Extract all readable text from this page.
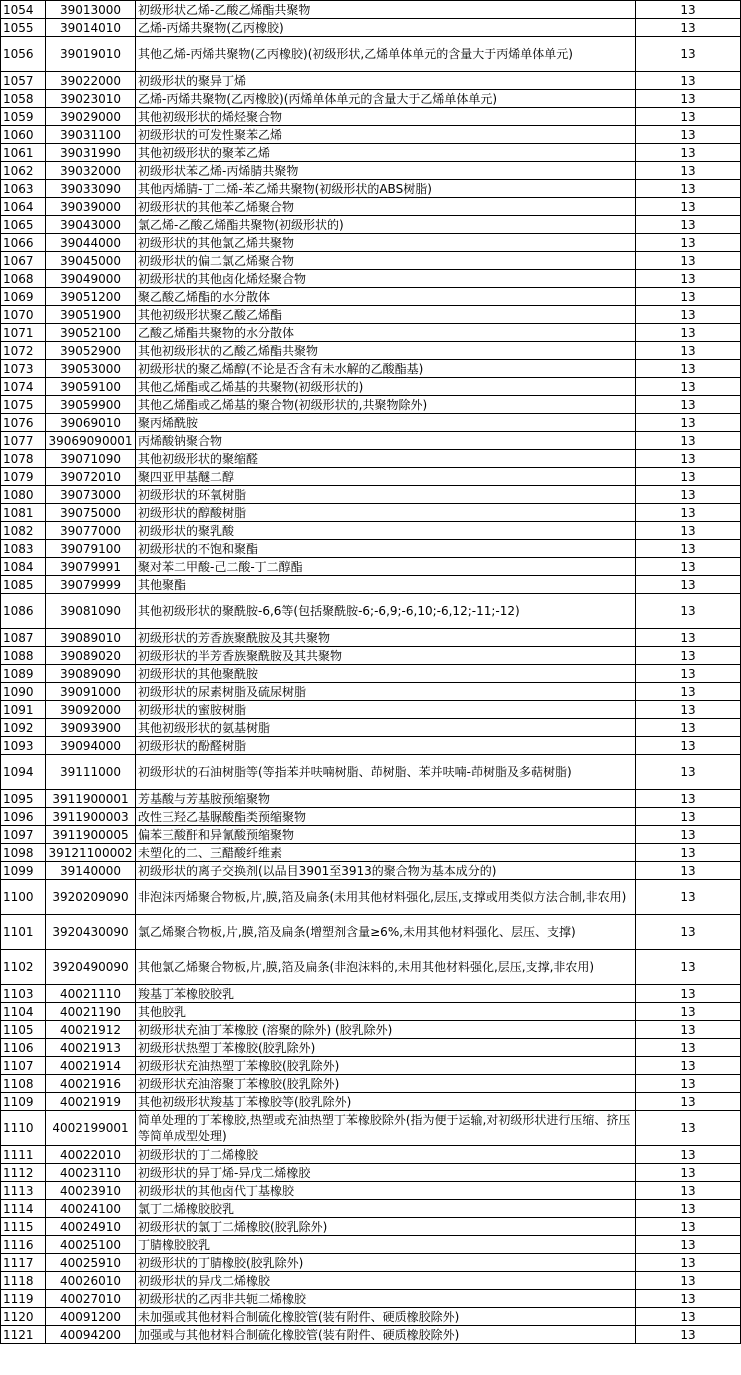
1054	39013000	初级形状乙烯-乙酸乙烯酯共聚物	13
1055	39014010	乙烯-丙烯共聚物(乙丙橡胶)	13
1056	39019010	其他乙烯-丙烯共聚物(乙丙橡胶)(初级形状,乙烯单体单元的含量大于丙烯单体单元)	13
1057	39022000	初级形状的聚异丁烯	13
1058	39023010	乙烯-丙烯共聚物(乙丙橡胶)(丙烯单体单元的含量大于乙烯单体单元)	13
1059	39029000	其他初级形状的烯烃聚合物	13
1060	39031100	初级形状的可发性聚苯乙烯	13
1061	39031990	其他初级形状的聚苯乙烯	13
1062	39032000	初级形状苯乙烯-丙烯腈共聚物	13
1063	39033090	其他丙烯腈-丁二烯-苯乙烯共聚物(初级形状的ABS树脂)	13
1064	39039000	初级形状的其他苯乙烯聚合物	13
1065	39043000	氯乙烯-乙酸乙烯酯共聚物(初级形状的)	13
1066	39044000	初级形状的其他氯乙烯共聚物	13
1067	39045000	初级形状的偏二氯乙烯聚合物	13
1068	39049000	初级形状的其他卤化烯烃聚合物	13
1069	39051200	聚乙酸乙烯酯的水分散体	13
1070	39051900	其他初级形状聚乙酸乙烯酯	13
1071	39052100	乙酸乙烯酯共聚物的水分散体	13
1072	39052900	其他初级形状的乙酸乙烯酯共聚物	13
1073	39053000	初级形状的聚乙烯醇(不论是否含有未水解的乙酸酯基)	13
1074	39059100	其他乙烯酯或乙烯基的共聚物(初级形状的)	13
1075	39059900	其他乙烯酯或乙烯基的聚合物(初级形状的,共聚物除外)	13
1076	39069010	聚丙烯酰胺	13
1077	39069090001	丙烯酸钠聚合物	13
1078	39071090	其他初级形状的聚缩醛	13
1079	39072010	聚四亚甲基醚二醇	13
1080	39073000	初级形状的环氧树脂	13
1081	39075000	初级形状的醇酸树脂	13
1082	39077000	初级形状的聚乳酸	13
1083	39079100	初级形状的不饱和聚酯	13
1084	39079991	聚对苯二甲酸-己二酸-丁二醇酯	13
1085	39079999	其他聚酯	13
1086	39081090	其他初级形状的聚酰胺-6,6等(包括聚酰胺-6;-6,9;-6,10;-6,12;-11;-12)	13
1087	39089010	初级形状的芳香族聚酰胺及其共聚物	13
1088	39089020	初级形状的半芳香族聚酰胺及其共聚物	13
1089	39089090	初级形状的其他聚酰胺	13
1090	39091000	初级形状的尿素树脂及硫尿树脂	13
1091	39092000	初级形状的蜜胺树脂	13
1092	39093900	其他初级形状的氨基树脂	13
1093	39094000	初级形状的酚醛树脂	13
1094	39111000	初级形状的石油树脂等(等指苯并呋喃树脂、茚树脂、苯并呋喃-茚树脂及多萜树脂)	13
1095	3911900001	芳基酸与芳基胺预缩聚物	13
1096	3911900003	改性三羟乙基脲酸酯类预缩聚物	13
1097	3911900005	偏苯三酸酐和异氰酸预缩聚物	13
1098	39121100002	未塑化的二、三醋酸纤维素	13
1099	39140000	初级形状的离子交换剂(以品目3901至3913的聚合物为基本成分的)	13
1100	3920209090	非泡沫丙烯聚合物板,片,膜,箔及扁条(未用其他材料强化,层压,支撑或用类似方法合制,非农用)	13
1101	3920430090	氯乙烯聚合物板,片,膜,箔及扁条(增塑剂含量≥6%,未用其他材料强化、层压、支撑)	13
1102	3920490090	其他氯乙烯聚合物板,片,膜,箔及扁条(非泡沫料的,未用其他材料强化,层压,支撑,非农用)	13
1103	40021110	羧基丁苯橡胶胶乳	13
1104	40021190	其他胶乳	13
1105	40021912	初级形状充油丁苯橡胶 (溶聚的除外) (胶乳除外)	13
1106	40021913	初级形状热塑丁苯橡胶(胶乳除外)	13
1107	40021914	初级形状充油热塑丁苯橡胶(胶乳除外)	13
1108	40021916	初级形状充油溶聚丁苯橡胶(胶乳除外)	13
1109	40021919	其他初级形状羧基丁苯橡胶等(胶乳除外)	13
1110	4002199001	简单处理的丁苯橡胶,热塑或充油热塑丁苯橡胶除外(指为便于运输,对初级形状进行压缩、挤压等简单成型处理)	13
1111	40022010	初级形状的丁二烯橡胶	13
1112	40023110	初级形状的异丁烯-异戊二烯橡胶	13
1113	40023910	初级形状的其他卤代丁基橡胶	13
1114	40024100	氯丁二烯橡胶胶乳	13
1115	40024910	初级形状的氯丁二烯橡胶(胶乳除外)	13
1116	40025100	丁腈橡胶胶乳	13
1117	40025910	初级形状的丁腈橡胶(胶乳除外)	13
1118	40026010	初级形状的异戊二烯橡胶	13
1119	40027010	初级形状的乙丙非共轭二烯橡胶	13
1120	40091200	未加强或其他材料合制硫化橡胶管(装有附件、硬质橡胶除外)	13
1121	40094200	加强或与其他材料合制硫化橡胶管(装有附件、硬质橡胶除外)	13
